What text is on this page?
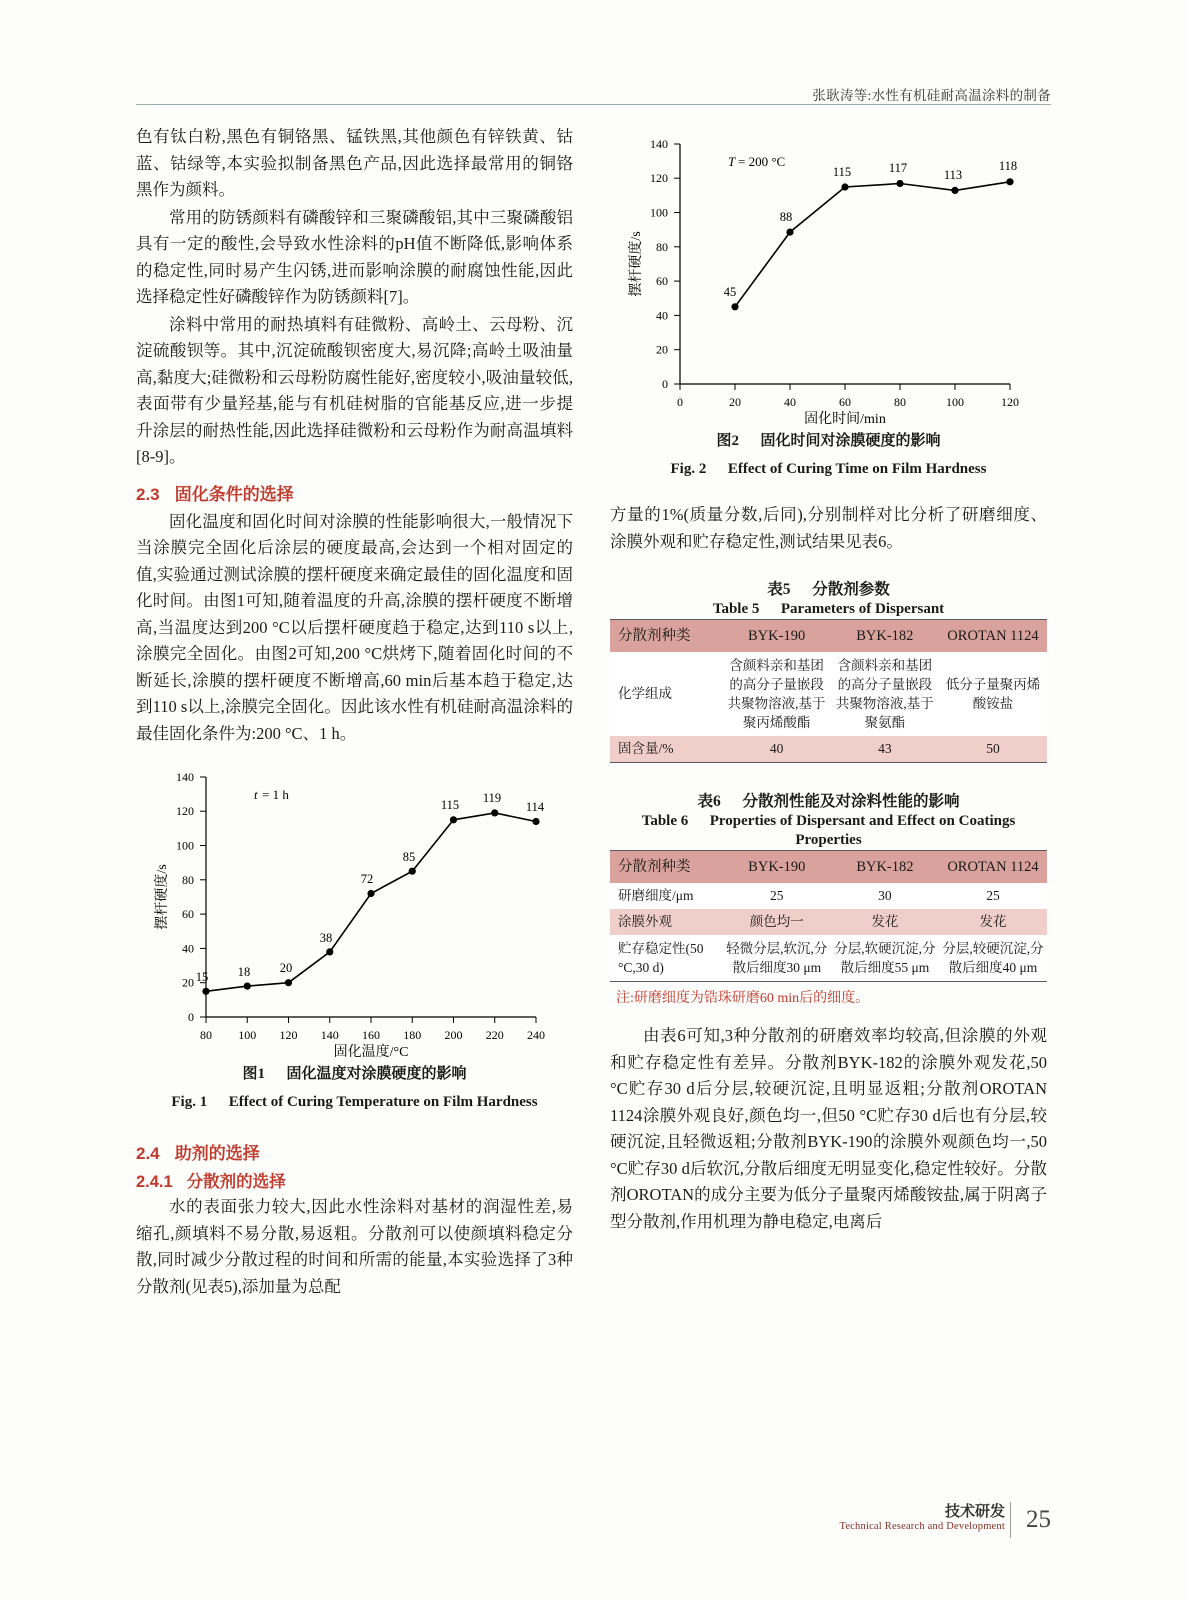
张耿涛等:水性有机硅耐高温涂料的制备

色有钛白粉,黑色有铜铬黑、锰铁黑,其他颜色有锌铁黄、钴蓝、钴绿等,本实验拟制备黑色产品,因此选择最常用的铜铬黑作为颜料。

常用的防锈颜料有磷酸锌和三聚磷酸铝,其中三聚磷酸铝具有一定的酸性,会导致水性涂料的pH值不断降低,影响体系的稳定性,同时易产生闪锈,进而影响涂膜的耐腐蚀性能,因此选择稳定性好磷酸锌作为防锈颜料[7]。

涂料中常用的耐热填料有硅微粉、高岭土、云母粉、沉淀硫酸钡等。其中,沉淀硫酸钡密度大,易沉降;高岭土吸油量高,黏度大;硅微粉和云母粉防腐性能好,密度较小,吸油量较低,表面带有少量羟基,能与有机硅树脂的官能基反应,进一步提升涂层的耐热性能,因此选择硅微粉和云母粉作为耐高温填料[8-9]。

2.3 固化条件的选择

固化温度和固化时间对涂膜的性能影响很大,一般情况下当涂膜完全固化后涂层的硬度最高,会达到一个相对固定的值,实验通过测试涂膜的摆杆硬度来确定最佳的固化温度和固化时间。由图1可知,随着温度的升高,涂膜的摆杆硬度不断增高,当温度达到200 °C以后摆杆硬度趋于稳定,达到110 s以上,涂膜完全固化。由图2可知,200 °C烘烤下,随着固化时间的不断延长,涂膜的摆杆硬度不断增高,60 min后基本趋于稳定,达到110 s以上,涂膜完全固化。因此该水性有机硅耐高温涂料的最佳固化条件为:200 °C、1 h。

0
20
40
60
80
100
120
140
80 100 120 140 160 180 200 220 240
t = 1 h
15 18 20
38
72
85
115 119
114
固化温度/°C
摆杆硬度/s
图1 固化温度对涂膜硬度的影响
Fig. 1 Effect of Curing Temperature on Film Hardness
2.4 助剂的选择
2.4.1 分散剂的选择

水的表面张力较大,因此水性涂料对基材的润湿性差,易缩孔,颜填料不易分散,易返粗。分散剂可以使颜填料稳定分散,同时减少分散过程的时间和所需的能量,本实验选择了3种分散剂(见表5),添加量为总配

0
20
40
60
80
100
120
140
0	20	40	60	80	100	120
T = 200 °C
45
88
115	117	113
118
固化时间/min
摆杆硬度/s
图2 固化时间对涂膜硬度的影响
Fig. 2 Effect of Curing Time on Film Hardness

方量的1%(质量分数,后同),分别制样对比分析了研磨细度、涂膜外观和贮存稳定性,测试结果见表6。

表5 分散剂参数
Table 5 Parameters of Dispersant
分散剂种类	BYK-190	BYK-182	OROTAN 1124
化学组成	含颜料亲和基团的高分子量嵌段共聚物溶液,基于聚丙烯酸酯	含颜料亲和基团的高分子量嵌段共聚物溶液,基于聚氨酯	低分子量聚丙烯酸铵盐
固含量/%	40	43	50
表6 分散剂性能及对涂料性能的影响
Table 6 Properties of Dispersant and Effect on Coatings
Properties
分散剂种类	BYK-190	BYK-182	OROTAN 1124
研磨细度/μm	25	30	25
涂膜外观	颜色均一	发花	发花
贮存稳定性(50 °C,30 d)	轻微分层,软沉,分散后细度30 μm	分层,软硬沉淀,分散后细度55 μm	分层,较硬沉淀,分散后细度40 μm
注:研磨细度为锆珠研磨60 min后的细度。

由表6可知,3种分散剂的研磨效率均较高,但涂膜的外观和贮存稳定性有差异。分散剂BYK-182的涂膜外观发花,50 °C贮存30 d后分层,较硬沉淀,且明显返粗;分散剂OROTAN 1124涂膜外观良好,颜色均一,但50 °C贮存30 d后也有分层,较硬沉淀,且轻微返粗;分散剂BYK-190的涂膜外观颜色均一,50 °C贮存30 d后软沉,分散后细度无明显变化,稳定性较好。分散剂OROTAN的成分主要为低分子量聚丙烯酸铵盐,属于阴离子型分散剂,作用机理为静电稳定,电离后

技术研发
Technical Research and Development 25
